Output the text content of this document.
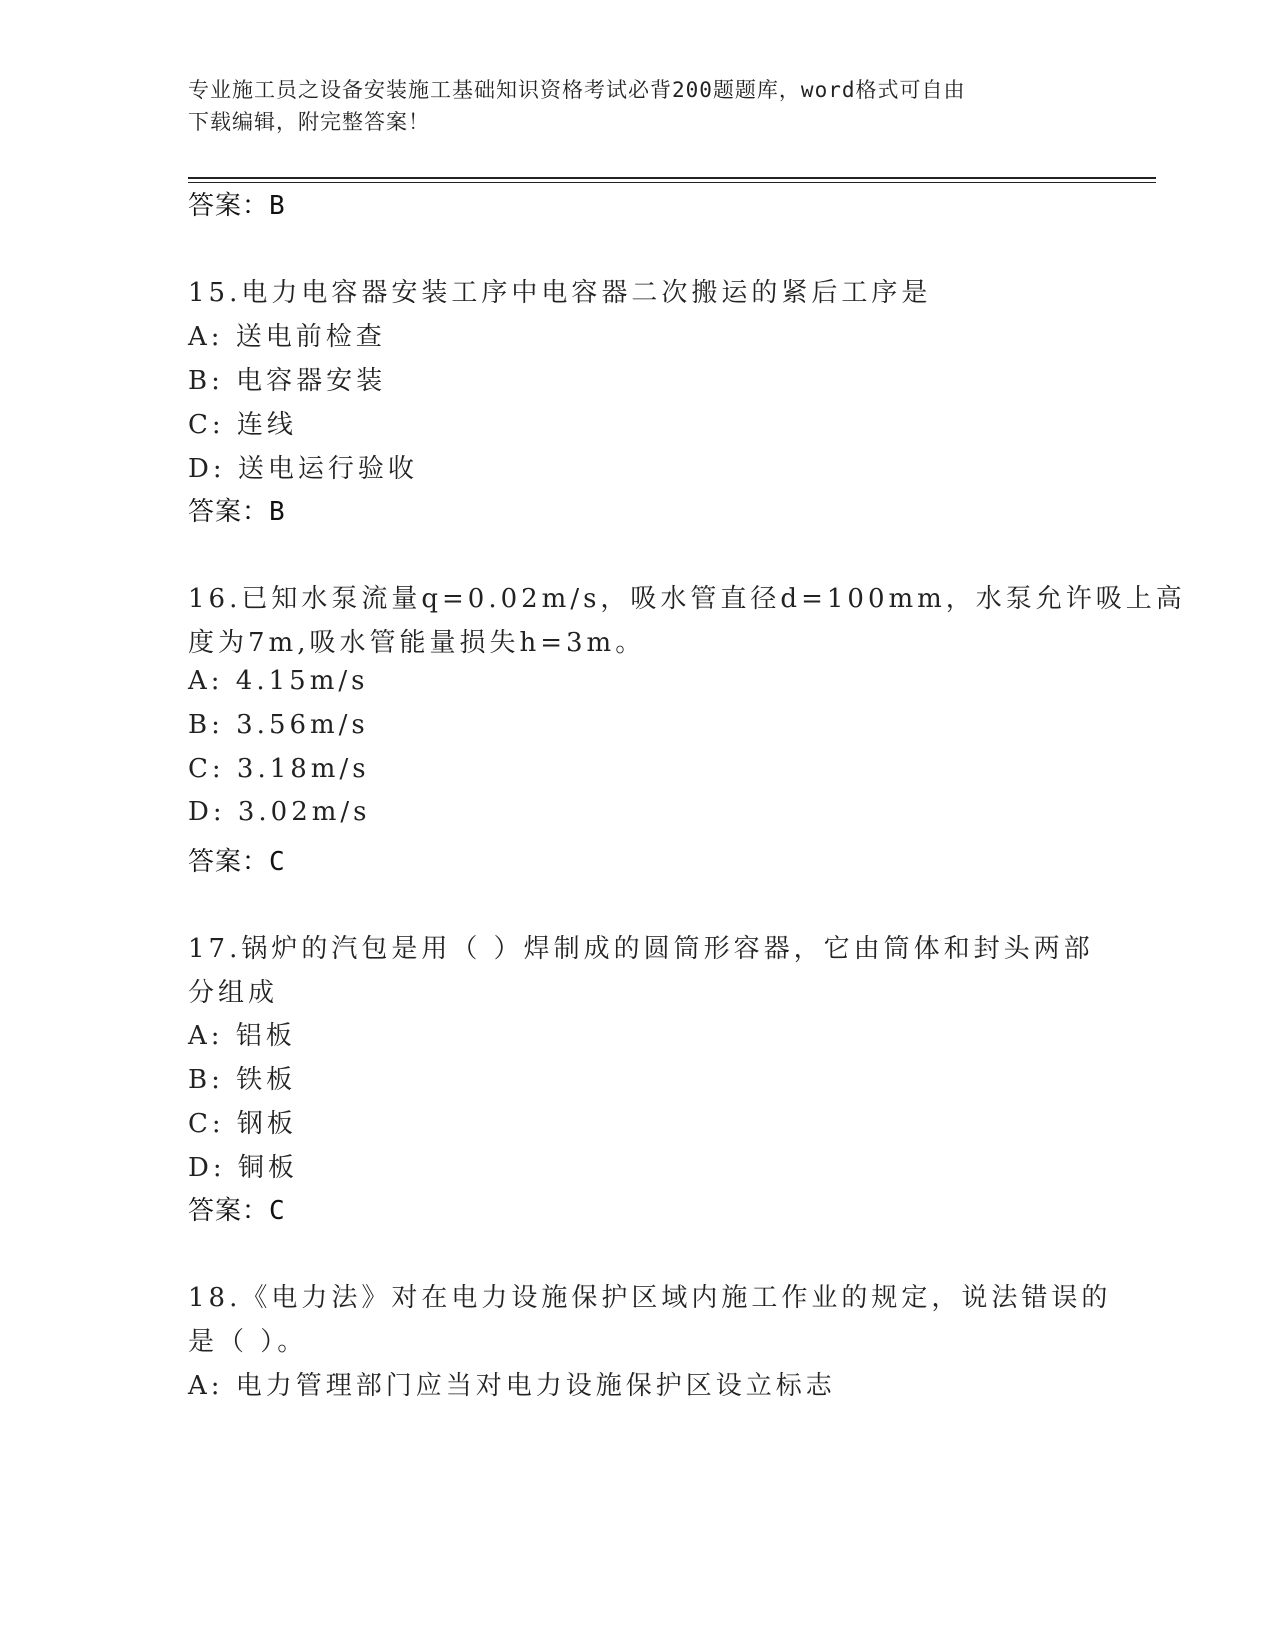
专业施工员之设备安装施工基础知识资格考试必背200题题库，word格式可自由
下载编辑，附完整答案！
答案：B
15.电力电容器安装工序中电容器二次搬运的紧后工序是
A: 送电前检查
B: 电容器安装
C: 连线
D: 送电运行验收
答案：B
16.已知水泵流量q=0.02m/s，吸水管直径d=100mm，水泵允许吸上高
度为7m,吸水管能量损失h=3m。
A: 4.15m/s
B: 3.56m/s
C: 3.18m/s
D: 3.02m/s
答案：C
17.锅炉的汽包是用（ ）焊制成的圆筒形容器，它由筒体和封头两部
分组成
A: 铝板
B: 铁板
C: 钢板
D: 铜板
答案：C
18.《电力法》对在电力设施保护区域内施工作业的规定，说法错误的
是（ ）。
A: 电力管理部门应当对电力设施保护区设立标志
